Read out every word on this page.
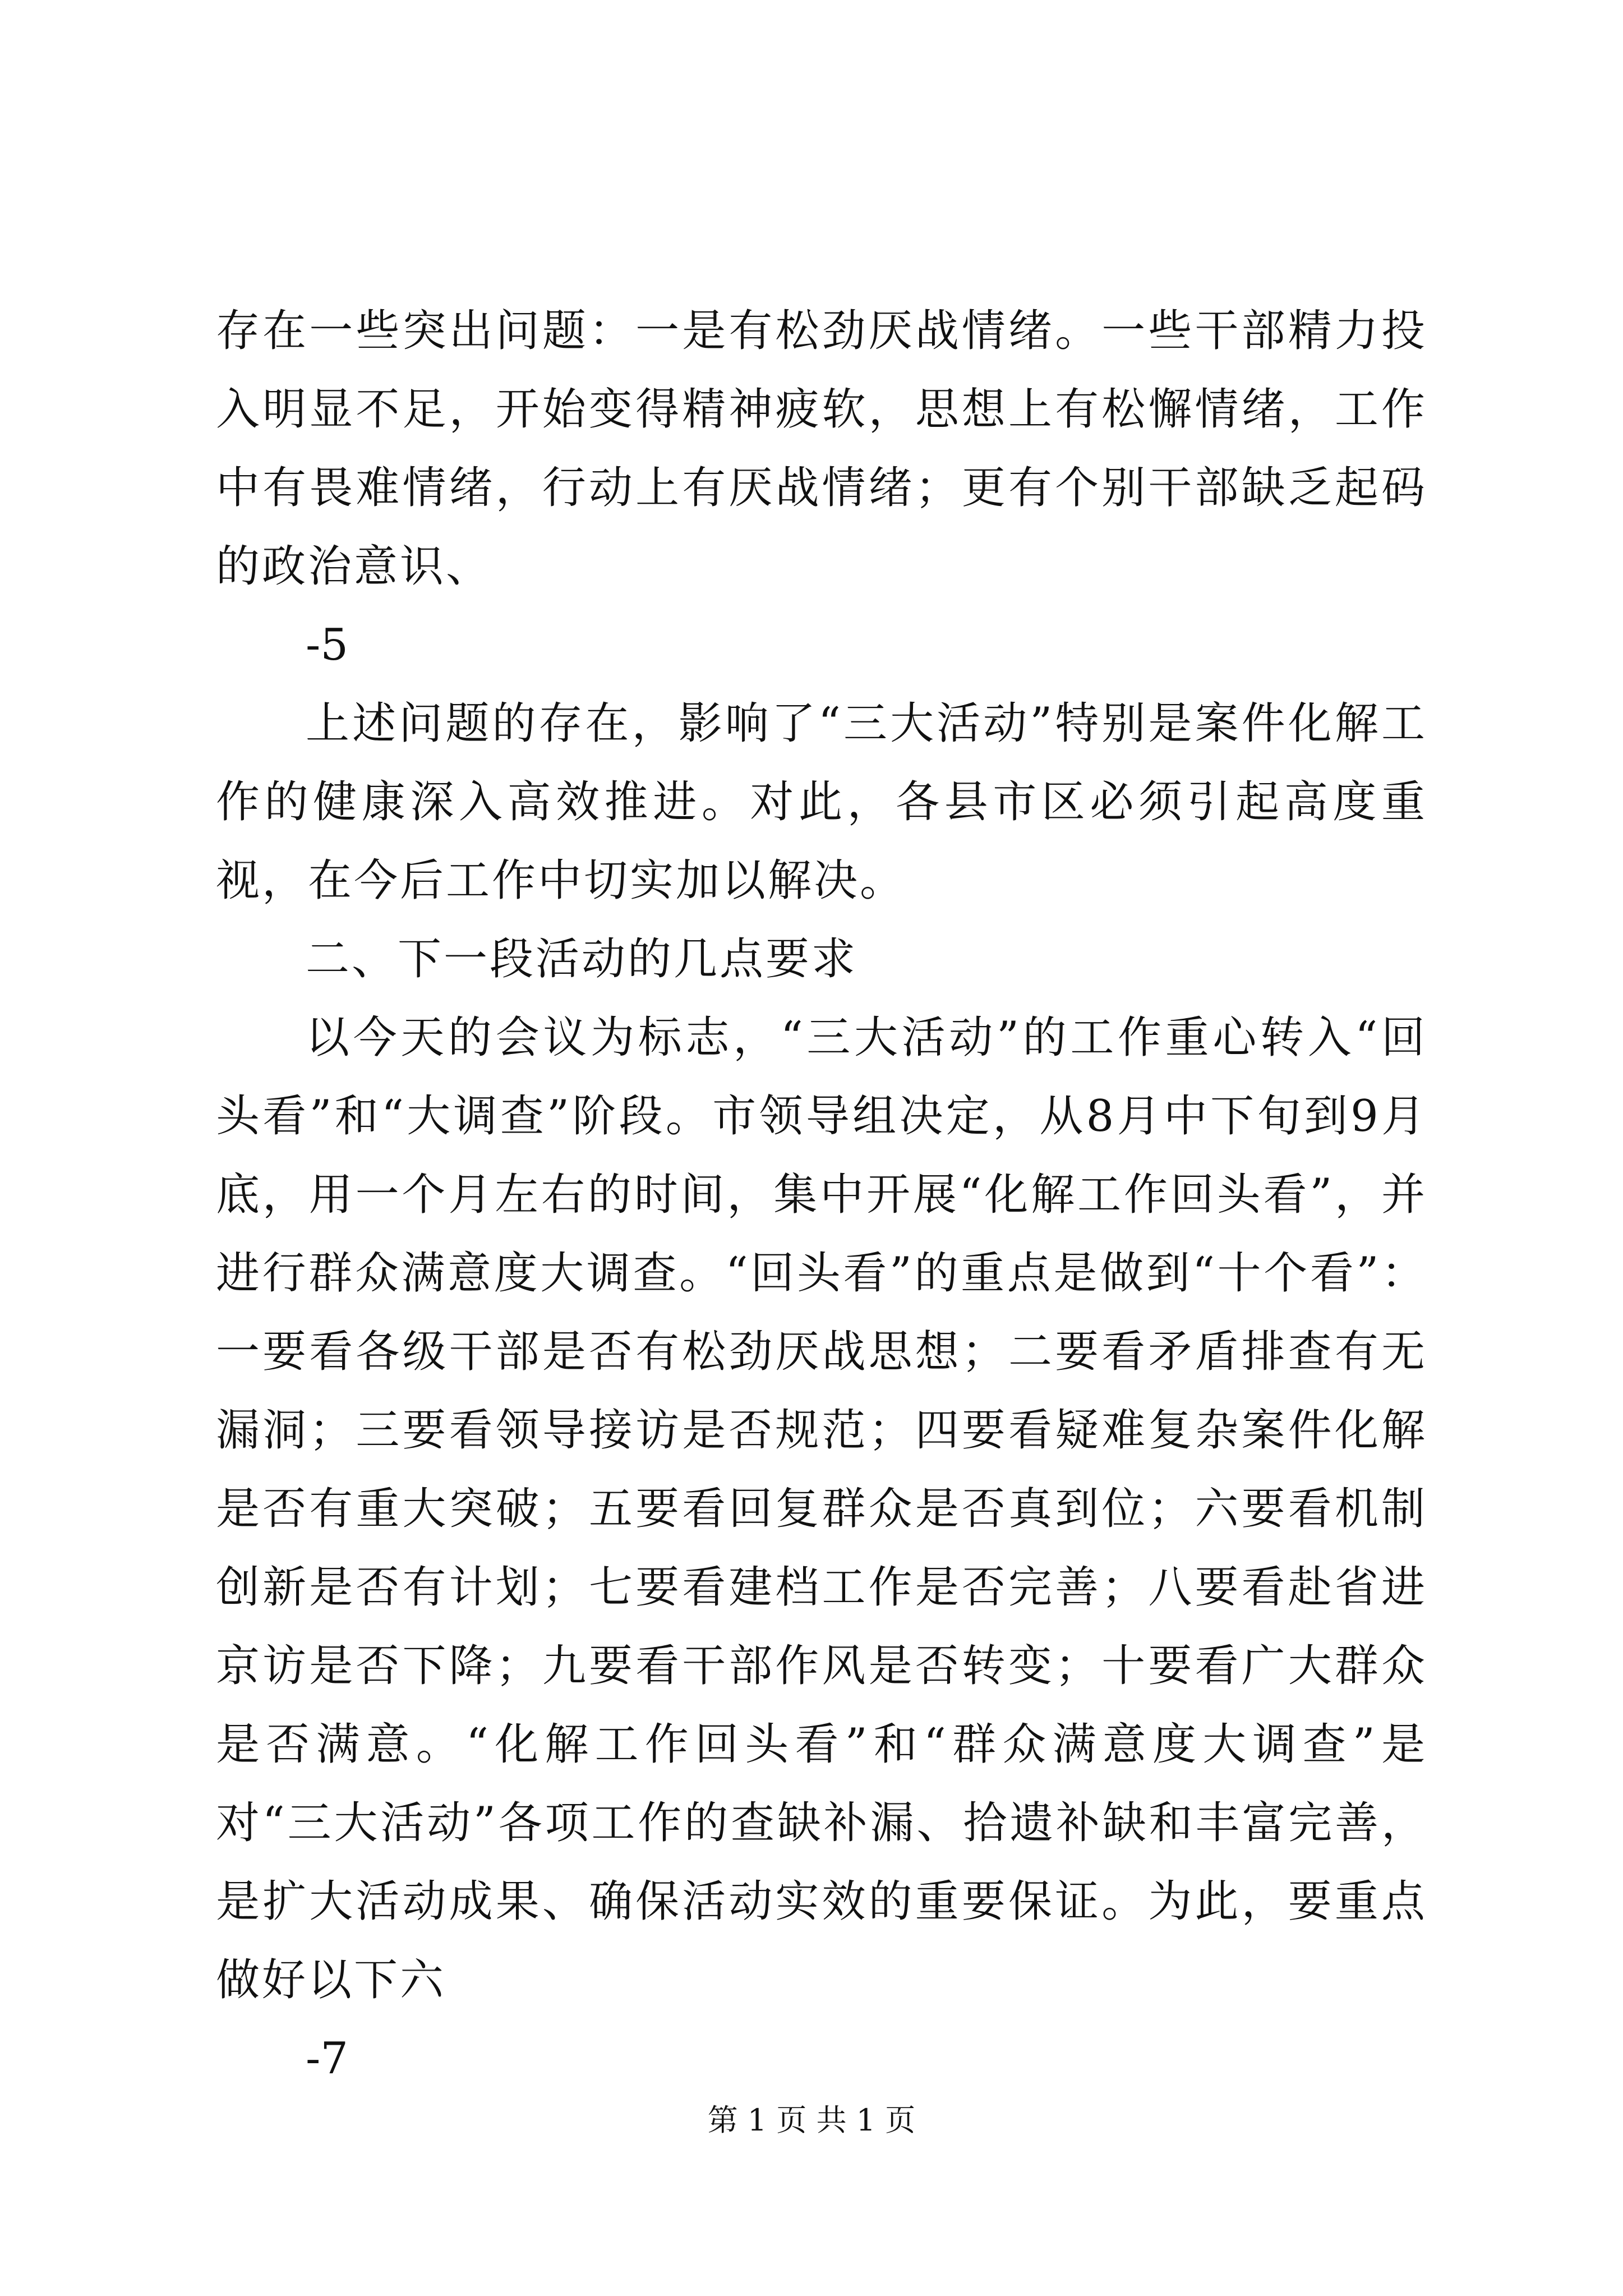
存在一些突出问题：一是有松劲厌战情绪。一些干部精力投入明显不足，开始变得精神疲软，思想上有松懈情绪，工作中有畏难情绪，行动上有厌战情绪；更有个别干部缺乏起码的政治意识、

-5

上述问题的存在，影响了“三大活动”特别是案件化解工作的健康深入高效推进。对此，各县市区必须引起高度重视，在今后工作中切实加以解决。

二、下一段活动的几点要求

以今天的会议为标志，“三大活动”的工作重心转入“回头看”和“大调查”阶段。市领导组决定，从8月中下旬到9月底，用一个月左右的时间，集中开展“化解工作回头看”，并进行群众满意度大调查。“回头看”的重点是做到“十个看”：一要看各级干部是否有松劲厌战思想；二要看矛盾排查有无漏洞；三要看领导接访是否规范；四要看疑难复杂案件化解是否有重大突破；五要看回复群众是否真到位；六要看机制创新是否有计划；七要看建档工作是否完善；八要看赴省进京访是否下降；九要看干部作风是否转变；十要看广大群众是否满意。“化解工作回头看”和“群众满意度大调查”是对“三大活动”各项工作的查缺补漏、拾遗补缺和丰富完善，是扩大活动成果、确保活动实效的重要保证。为此，要重点做好以下六

-7

第 1 页 共 1 页
